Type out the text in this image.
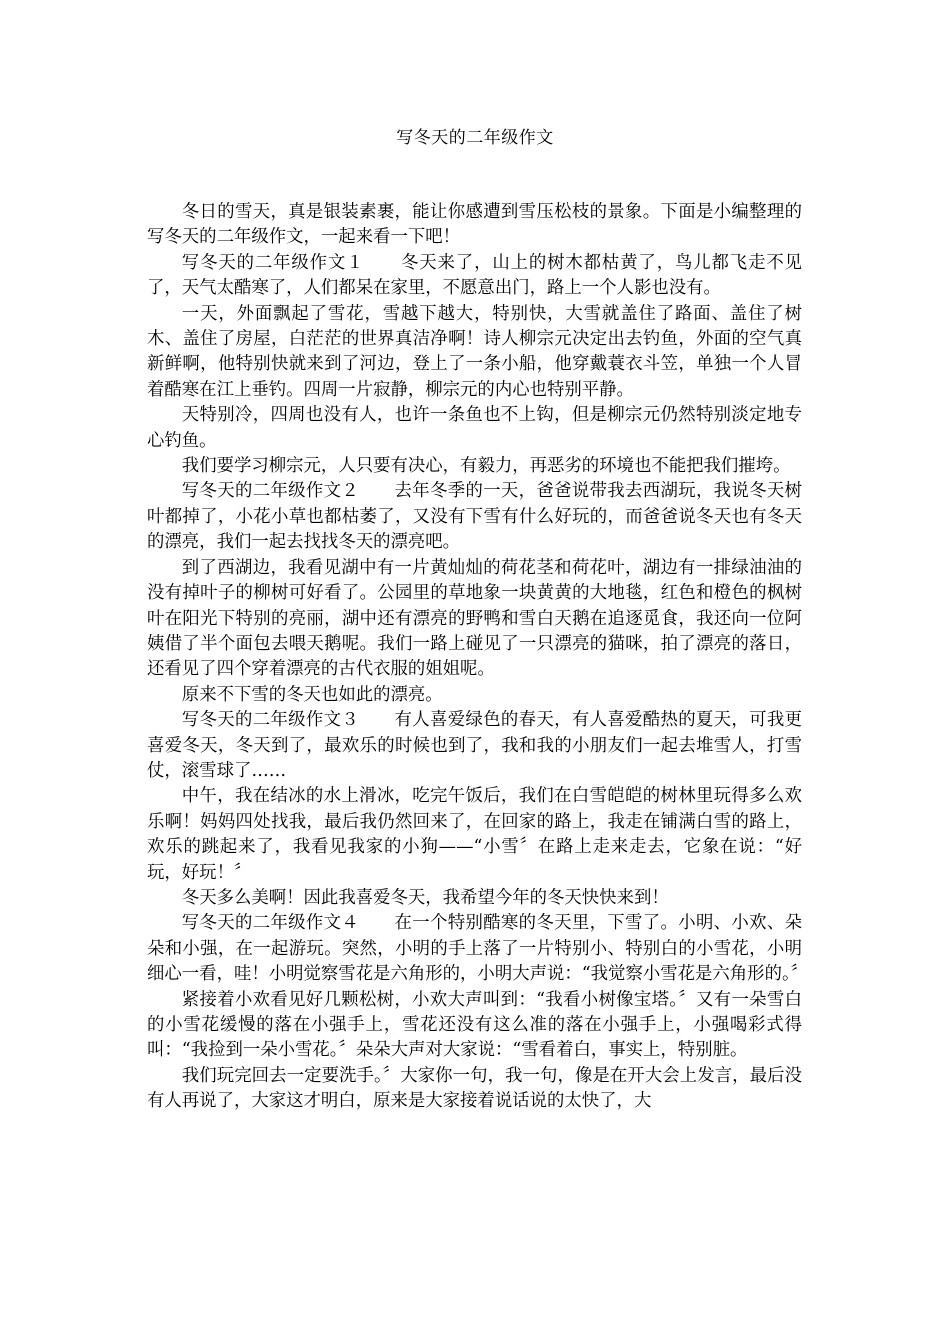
写冬天的二年级作文

冬日的雪天，真是银装素裹，能让你感遭到雪压松枝的景象。下面是小编整理的写冬天的二年级作文，一起来看一下吧！

写冬天的二年级作文１　　冬天来了，山上的树木都枯黄了，鸟儿都飞走不见了，天气太酷寒了，人们都呆在家里，不愿意出门，路上一个人影也没有。

一天，外面飘起了雪花，雪越下越大，特别快，大雪就盖住了路面、盖住了树木、盖住了房屋，白茫茫的世界真洁净啊！诗人柳宗元决定出去钓鱼，外面的空气真新鲜啊，他特别快就来到了河边，登上了一条小船，他穿戴蓑衣斗笠，单独一个人冒着酷寒在江上垂钓。四周一片寂静，柳宗元的内心也特别平静。

天特别冷，四周也没有人，也许一条鱼也不上钩，但是柳宗元仍然特别淡定地专心钓鱼。

我们要学习柳宗元，人只要有决心，有毅力，再恶劣的环境也不能把我们摧垮。

写冬天的二年级作文２　　去年冬季的一天，爸爸说带我去西湖玩，我说冬天树叶都掉了，小花小草也都枯萎了，又没有下雪有什么好玩的，而爸爸说冬天也有冬天的漂亮，我们一起去找找冬天的漂亮吧。

到了西湖边，我看见湖中有一片黄灿灿的荷花茎和荷花叶，湖边有一排绿油油的没有掉叶子的柳树可好看了。公园里的草地象一块黄黄的大地毯，红色和橙色的枫树叶在阳光下特别的亮丽，湖中还有漂亮的野鸭和雪白天鹅在追逐觅食，我还向一位阿姨借了半个面包去喂天鹅呢。我们一路上碰见了一只漂亮的猫咪，拍了漂亮的落日，还看见了四个穿着漂亮的古代衣服的姐姐呢。

原来不下雪的冬天也如此的漂亮。

写冬天的二年级作文３　　有人喜爱绿色的春天，有人喜爱酷热的夏天，可我更喜爱冬天，冬天到了，最欢乐的时候也到了，我和我的小朋友们一起去堆雪人，打雪仗，滚雪球了……

中午，我在结冰的水上滑冰，吃完午饭后，我们在白雪皑皑的树林里玩得多么欢乐啊！妈妈四处找我，最后我仍然回来了，在回家的路上，我走在铺满白雪的路上，欢乐的跳起来了，我看见我家的小狗——“小雪〞在路上走来走去，它象在说：“好玩，好玩！〞

冬天多么美啊！因此我喜爱冬天，我希望今年的冬天快快来到！

写冬天的二年级作文４　　在一个特别酷寒的冬天里，下雪了。小明、小欢、朵朵和小强，在一起游玩。突然，小明的手上落了一片特别小、特别白的小雪花，小明细心一看，哇！小明觉察雪花是六角形的，小明大声说：“我觉察小雪花是六角形的。〞

紧接着小欢看见好几颗松树，小欢大声叫到：“我看小树像宝塔。〞又有一朵雪白的小雪花缓慢的落在小强手上，雪花还没有这么准的落在小强手上，小强喝彩式得叫：“我捡到一朵小雪花。〞朵朵大声对大家说：“雪看着白，事实上，特别脏。

我们玩完回去一定要洗手。〞大家你一句，我一句，像是在开大会上发言，最后没有人再说了，大家这才明白，原来是大家接着说话说的太快了，大
